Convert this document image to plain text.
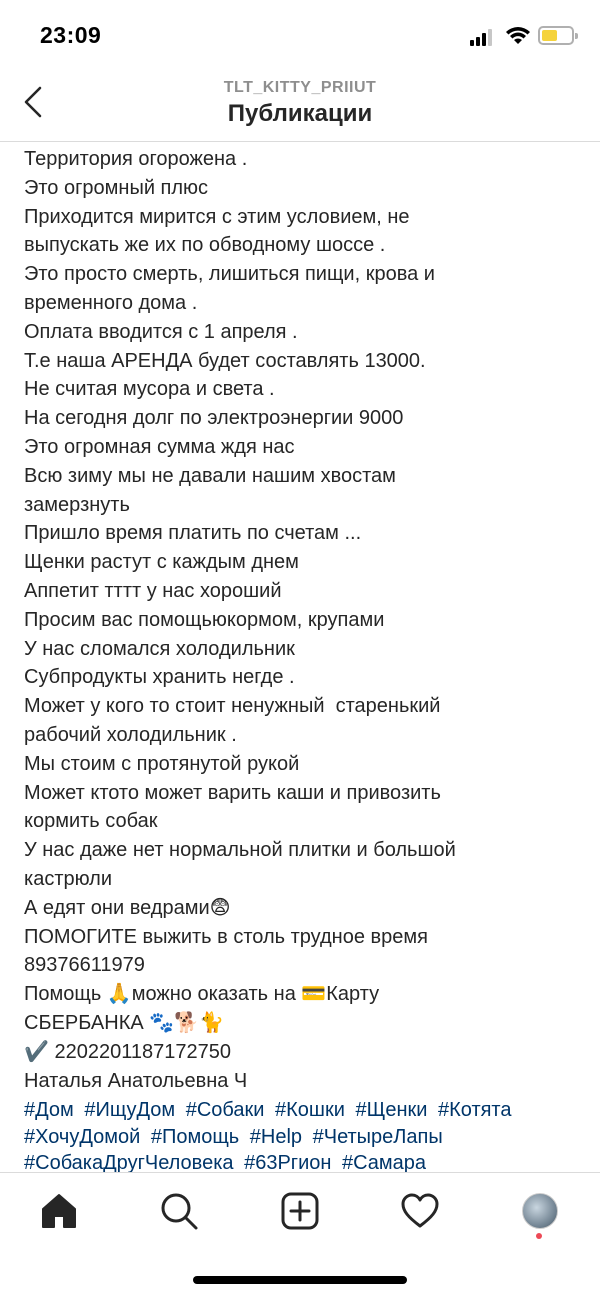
23:09
TLT_KITTY_PRIIUT
Публикации
Территория огорожена .
Это огромный плюс
Приходится мирится с этим условием, не
выпускать же их по обводному шоссе .
Это просто смерть, лишиться пищи, крова и
временного дома .
Оплата вводится с 1 апреля .
Т.е наша АРЕНДА будет составлять 13000.
Не считая мусора и света .
На сегодня долг по электроэнергии 9000
Это огромная сумма ждя нас
Всю зиму мы не давали нашим хвостам
замерзнуть
Пришло время платить по счетам ...
Щенки растут с каждым днем
Аппетит тттт у нас хороший
Просим вас помощьюкормом, крупами
У нас сломался холодильник
Субпродукты хранить негде .
Может у кого то стоит ненужный  старенький
рабочий холодильник .
Мы стоим с протянутой рукой
Может ктото может варить каши и привозить
кормить собак
У нас даже нет нормальной плитки и большой
кастрюли
А едят они ведрами😨
ПОМОГИТЕ выжить в столь трудное время
89376611979
Помощь 🙏можно оказать на 💳Карту
СБЕРБАНКА 🐾🐕🐈
✔️ 2202201187172750
Наталья Анатольевна Ч
#Дом #ИщуДом #Собаки #Кошки #Щенки #Котята #ХочуДомой #Помощь #Help #ЧетыреЛапы #СобакаДругЧеловека #63Ргион #Самара
